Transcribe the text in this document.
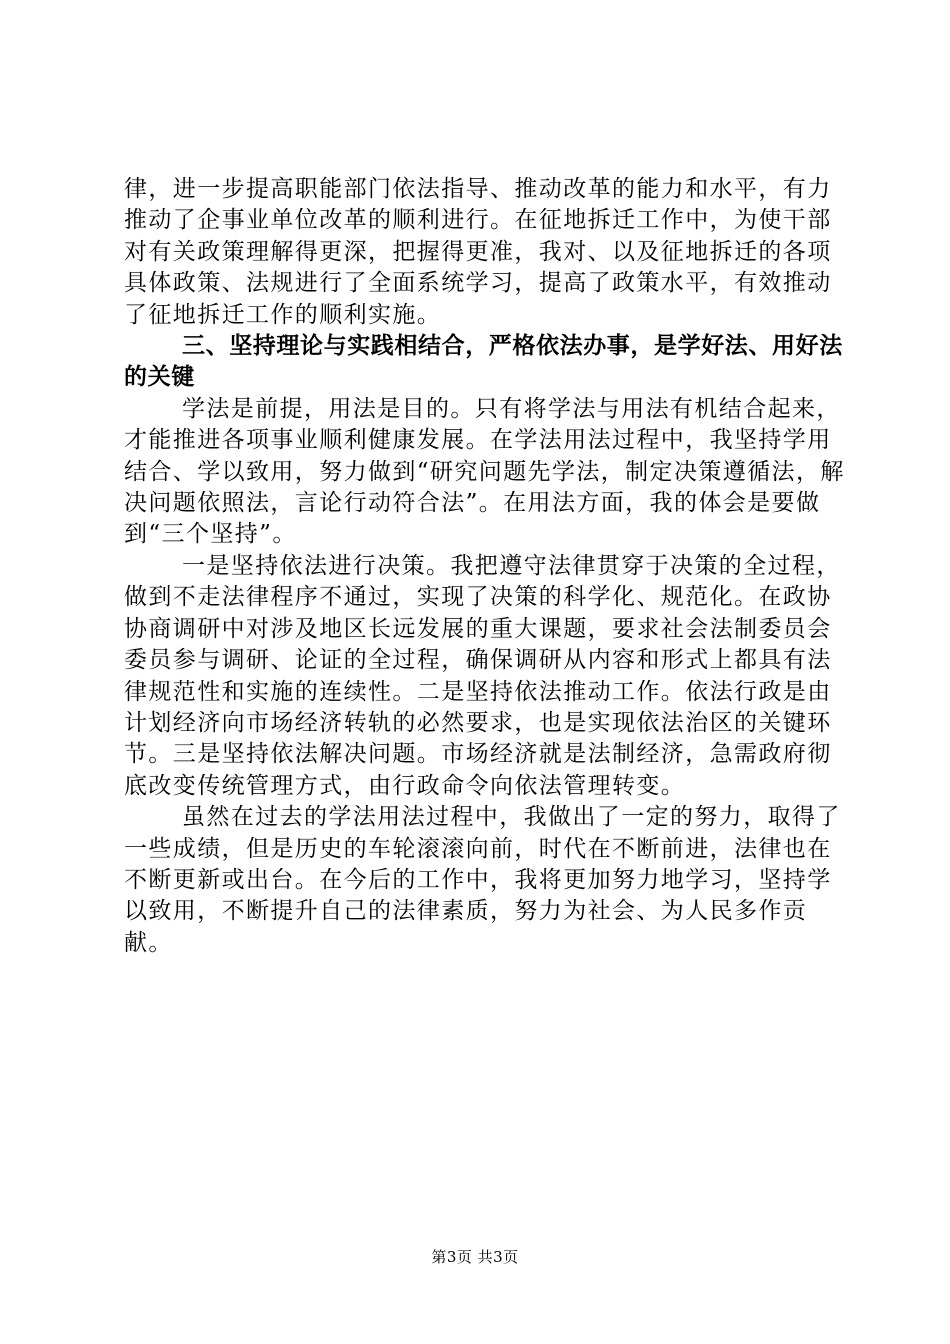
律，进一步提高职能部门依法指导、推动改革的能力和水平，有力推动了企事业单位改革的顺利进行。在征地拆迁工作中，为使干部对有关政策理解得更深，把握得更准，我对、以及征地拆迁的各项具体政策、法规进行了全面系统学习，提高了政策水平，有效推动了征地拆迁工作的顺利实施。

三、坚持理论与实践相结合，严格依法办事，是学好法、用好法的关键

学法是前提，用法是目的。只有将学法与用法有机结合起来，才能推进各项事业顺利健康发展。在学法用法过程中，我坚持学用结合、学以致用，努力做到“研究问题先学法，制定决策遵循法，解决问题依照法，言论行动符合法”。在用法方面，我的体会是要做到“三个坚持”。

一是坚持依法进行决策。我把遵守法律贯穿于决策的全过程，做到不走法律程序不通过，实现了决策的科学化、规范化。在政协协商调研中对涉及地区长远发展的重大课题，要求社会法制委员会委员参与调研、论证的全过程，确保调研从内容和形式上都具有法律规范性和实施的连续性。二是坚持依法推动工作。依法行政是由计划经济向市场经济转轨的必然要求，也是实现依法治区的关键环节。三是坚持依法解决问题。市场经济就是法制经济，急需政府彻底改变传统管理方式，由行政命令向依法管理转变。

虽然在过去的学法用法过程中，我做出了一定的努力，取得了一些成绩，但是历史的车轮滚滚向前，时代在不断前进，法律也在不断更新或出台。在今后的工作中，我将更加努力地学习，坚持学以致用，不断提升自己的法律素质，努力为社会、为人民多作贡献。

第3页 共3页
